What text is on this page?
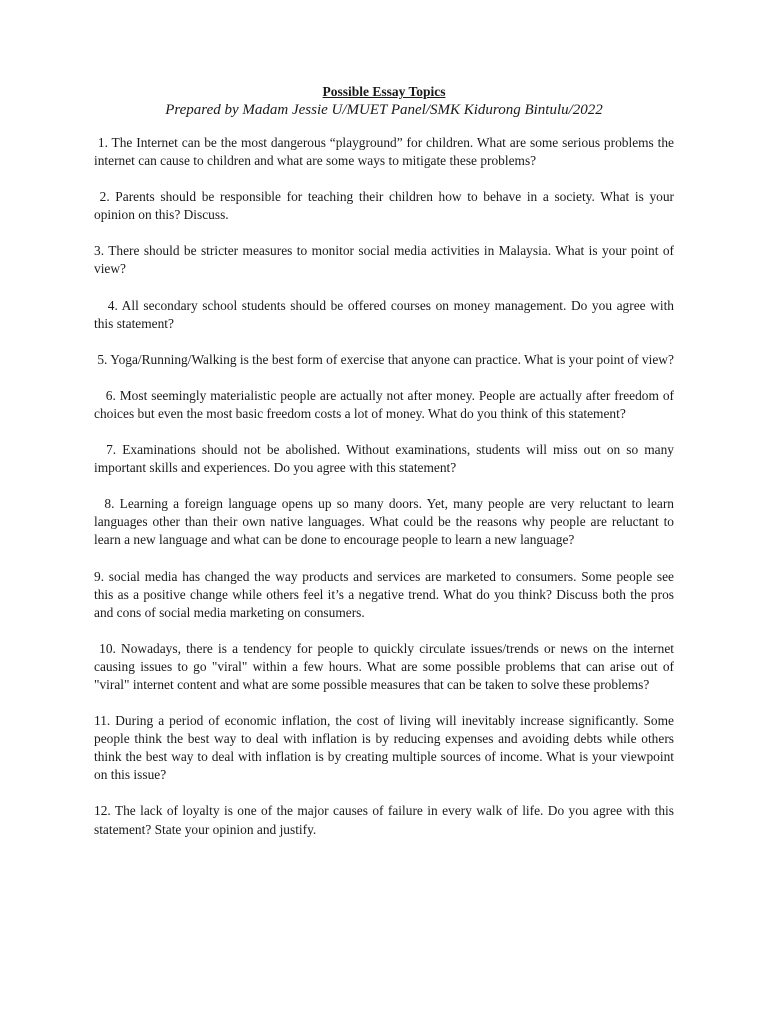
Possible Essay Topics

Prepared by Madam Jessie U/MUET Panel/SMK Kidurong Bintulu/2022

1. The Internet can be the most dangerous “playground” for children. What are some serious problems the internet can cause to children and what are some ways to mitigate these problems?

2. Parents should be responsible for teaching their children how to behave in a society. What is your opinion on this? Discuss.

3. There should be stricter measures to monitor social media activities in Malaysia. What is your point of view?

4. All secondary school students should be offered courses on money management. Do you agree with this statement?

5. Yoga/Running/Walking is the best form of exercise that anyone can practice. What is your point of view?

6. Most seemingly materialistic people are actually not after money. People are actually after freedom of choices but even the most basic freedom costs a lot of money. What do you think of this statement?

7. Examinations should not be abolished. Without examinations, students will miss out on so many important skills and experiences. Do you agree with this statement?

8. Learning a foreign language opens up so many doors. Yet, many people are very reluctant to learn languages other than their own native languages. What could be the reasons why people are reluctant to learn a new language and what can be done to encourage people to learn a new language?

9. social media has changed the way products and services are marketed to consumers. Some people see this as a positive change while others feel it’s a negative trend. What do you think? Discuss both the pros and cons of social media marketing on consumers.

10. Nowadays, there is a tendency for people to quickly circulate issues/trends or news on the internet causing issues to go "viral" within a few hours. What are some possible problems that can arise out of "viral" internet content and what are some possible measures that can be taken to solve these problems?

11. During a period of economic inflation, the cost of living will inevitably increase significantly. Some people think the best way to deal with inflation is by reducing expenses and avoiding debts while others think the best way to deal with inflation is by creating multiple sources of income. What is your viewpoint on this issue?

12. The lack of loyalty is one of the major causes of failure in every walk of life. Do you agree with this statement? State your opinion and justify.
